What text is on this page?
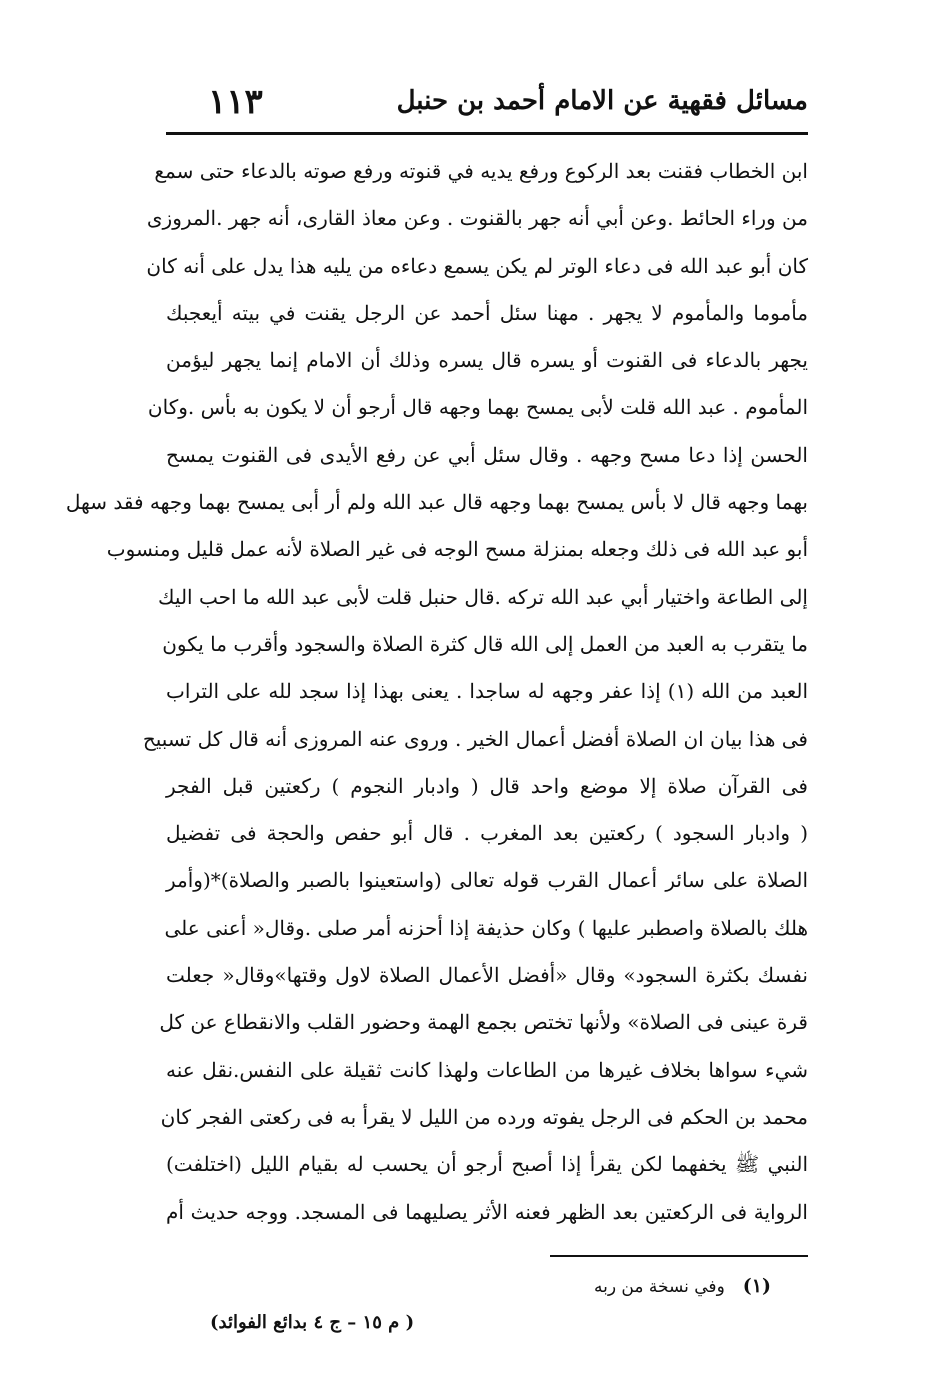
مسائل فقهية عن الامام أحمد بن حنبل
١١٣
ابن الخطاب فقنت بعد الركوع ورفع يديه في قنوته ورفع صوته بالدعاء حتى سمع
من وراء الحائط .وعن أبي أنه جهر بالقنوت . وعن معاذ القارى، أنه جهر .المروزى
كان أبو عبد الله فى دعاء الوتر لم يكن يسمع دعاءه من يليه هذا يدل على أنه كان
مأموما والمأموم لا يجهر . مهنا سئل أحمد عن الرجل يقنت في بيته أيعجبك
يجهر بالدعاء فى القنوت أو يسره قال يسره وذلك أن الامام إنما يجهر ليؤمن
المأموم . عبد الله قلت لأبى يمسح بهما وجهه قال أرجو أن لا يكون به بأس .وكان
الحسن إذا دعا مسح وجهه . وقال سئل أبي عن رفع الأيدى فى القنوت يمسح
بهما وجهه قال لا بأس يمسح بهما وجهه قال عبد الله ولم أر أبى يمسح بهما وجهه فقد سهل
أبو عبد الله فى ذلك وجعله بمنزلة مسح الوجه فى غير الصلاة لأنه عمل قليل ومنسوب
إلى الطاعة واختيار أبي عبد الله تركه .قال حنبل قلت لأبى عبد الله ما احب اليك
ما يتقرب به العبد من العمل إلى الله قال كثرة الصلاة والسجود وأقرب ما يكون
العبد من الله (١) إذا عفر وجهه له ساجدا . يعنى بهذا إذا سجد لله على التراب
فى هذا بيان ان الصلاة أفضل أعمال الخير . وروى عنه المروزى أنه قال كل تسبيح
فى القرآن صلاة إلا موضع واحد قال ( وادبار النجوم ) ركعتين قبل الفجر
( وادبار السجود ) ركعتين بعد المغرب . قال أبو حفص والحجة فى تفضيل
الصلاة على سائر أعمال القرب قوله تعالى (واستعينوا بالصبر والصلاة)*(وأمر
هلك بالصلاة واصطبر عليها ) وكان حذيفة إذا أحزنه أمر صلى .وقال« أعنى على
نفسك بكثرة السجود» وقال «أفضل الأعمال الصلاة لاول وقتها»وقال« جعلت
قرة عينى فى الصلاة» ولأنها تختص بجمع الهمة وحضور القلب والانقطاع عن كل
شيء سواها بخلاف غيرها من الطاعات ولهذا كانت ثقيلة على النفس.نقل عنه
محمد بن الحكم فى الرجل يفوته ورده من الليل لا يقرأ به فى ركعتى الفجر كان
النبي ﷺ يخفهما لكن يقرأ إذا أصبح أرجو أن يحسب له بقيام الليل (اختلفت)
الرواية فى الركعتين بعد الظهر فعنه الأثر يصليهما فى المسجد. ووجه حديث أم
(١)وفي نسخة من ربه
( م ١٥ – ج ٤ بدائع الفوائد)
